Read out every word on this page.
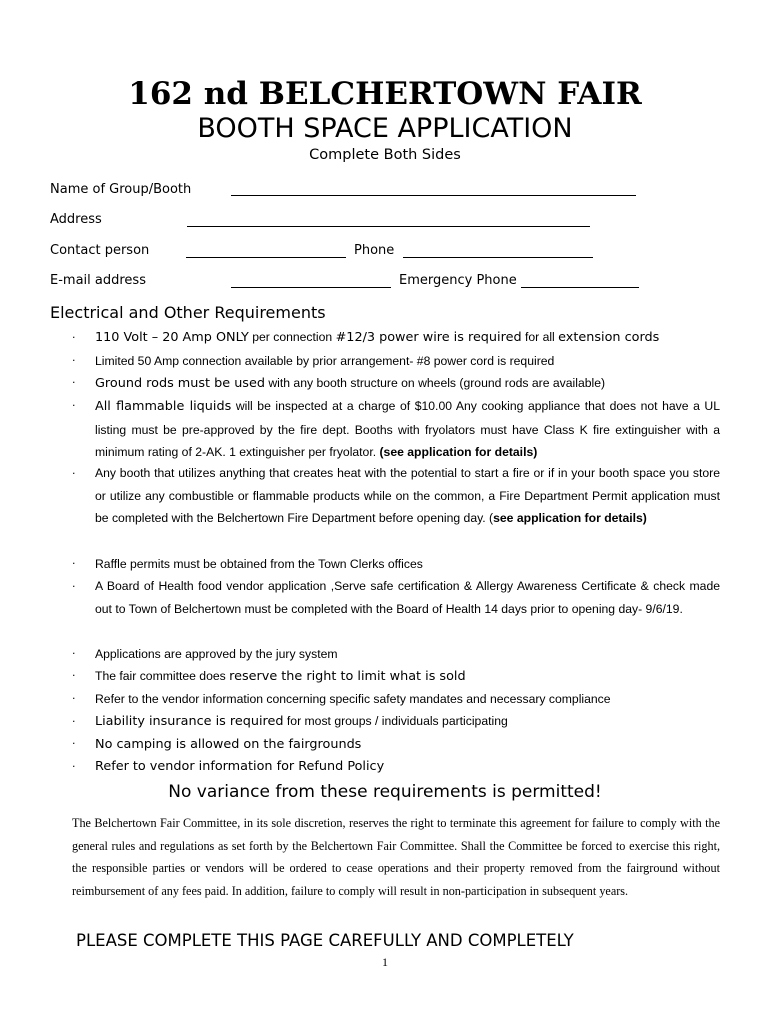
162 nd BELCHERTOWN FAIR
BOOTH SPACE APPLICATION
Complete Both Sides
Name of Group/Booth
Address
Contact person	Phone
E-mail address	Emergency Phone
Electrical and Other Requirements
· 110 Volt – 20 Amp ONLY per connection #12/3 power wire is required for all extension cords
· Limited 50 Amp connection available by prior arrangement- #8 power cord is required
· Ground rods must be used with any booth structure on wheels (ground rods are available)
· All flammable liquids will be inspected at a charge of $10.00 Any cooking appliance that does not have a UL listing must be pre-approved by the fire dept. Booths with fryolators must have Class K fire extinguisher with a minimum rating of 2-AK. 1 extinguisher per fryolator. (see application for details)
· Any booth that utilizes anything that creates heat with the potential to start a fire or if in your booth space you store or utilize any combustible or flammable products while on the common, a Fire Department Permit application must be completed with the Belchertown Fire Department before opening day. (see application for details)
· Raffle permits must be obtained from the Town Clerks offices
· A Board of Health food vendor application ,Serve safe certification & Allergy Awareness Certificate & check made out to Town of Belchertown must be completed with the Board of Health 14 days prior to opening day- 9/6/19.
· Applications are approved by the jury system
· The fair committee does reserve the right to limit what is sold
· Refer to the vendor information concerning specific safety mandates and necessary compliance
· Liability insurance is required for most groups / individuals participating
· No camping is allowed on the fairgrounds
· Refer to vendor information for Refund Policy
No variance from these requirements is permitted!
The Belchertown Fair Committee, in its sole discretion, reserves the right to terminate this agreement for failure to comply with the general rules and regulations as set forth by the Belchertown Fair Committee. Shall the Committee be forced to exercise this right, the responsible parties or vendors will be ordered to cease operations and their property removed from the fairground without reimbursement of any fees paid. In addition, failure to comply will result in non-participation in subsequent years.
PLEASE COMPLETE THIS PAGE CAREFULLY AND COMPLETELY
1
